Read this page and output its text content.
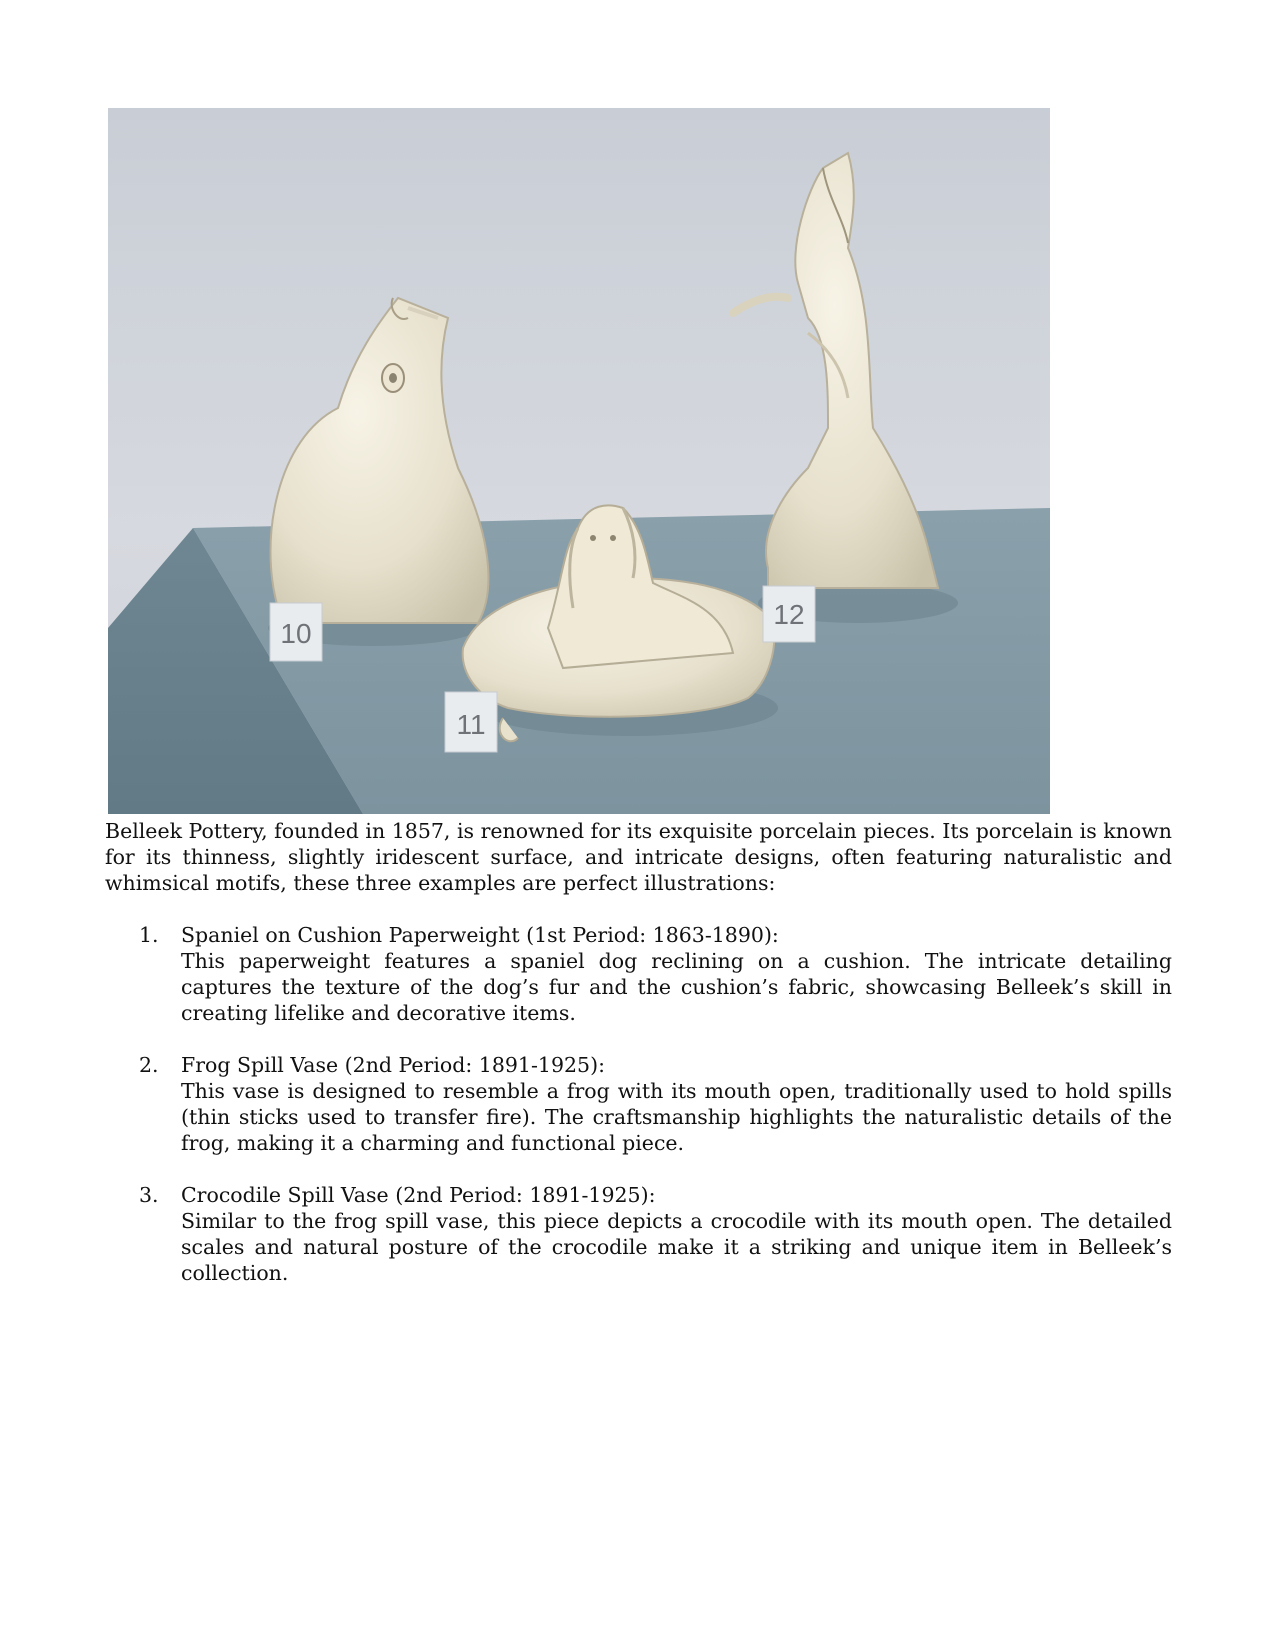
10
11
12

Belleek Pottery, founded in 1857, is renowned for its exquisite porcelain pieces. Its porcelain is known for its thinness, slightly iridescent surface, and intricate designs, often featuring naturalistic and whimsical motifs, these three examples are perfect illustrations:

1. Spaniel on Cushion Paperweight (1st Period: 1863-1890):
This paperweight features a spaniel dog reclining on a cushion. The intricate detailing captures the texture of the dog’s fur and the cushion’s fabric, showcasing Belleek’s skill in creating lifelike and decorative items.
2. Frog Spill Vase (2nd Period: 1891-1925):
This vase is designed to resemble a frog with its mouth open, traditionally used to hold spills (thin sticks used to transfer fire). The craftsmanship highlights the naturalistic details of the frog, making it a charming and functional piece.
3. Crocodile Spill Vase (2nd Period: 1891-1925):
Similar to the frog spill vase, this piece depicts a crocodile with its mouth open. The detailed scales and natural posture of the crocodile make it a striking and unique item in Belleek’s collection.
